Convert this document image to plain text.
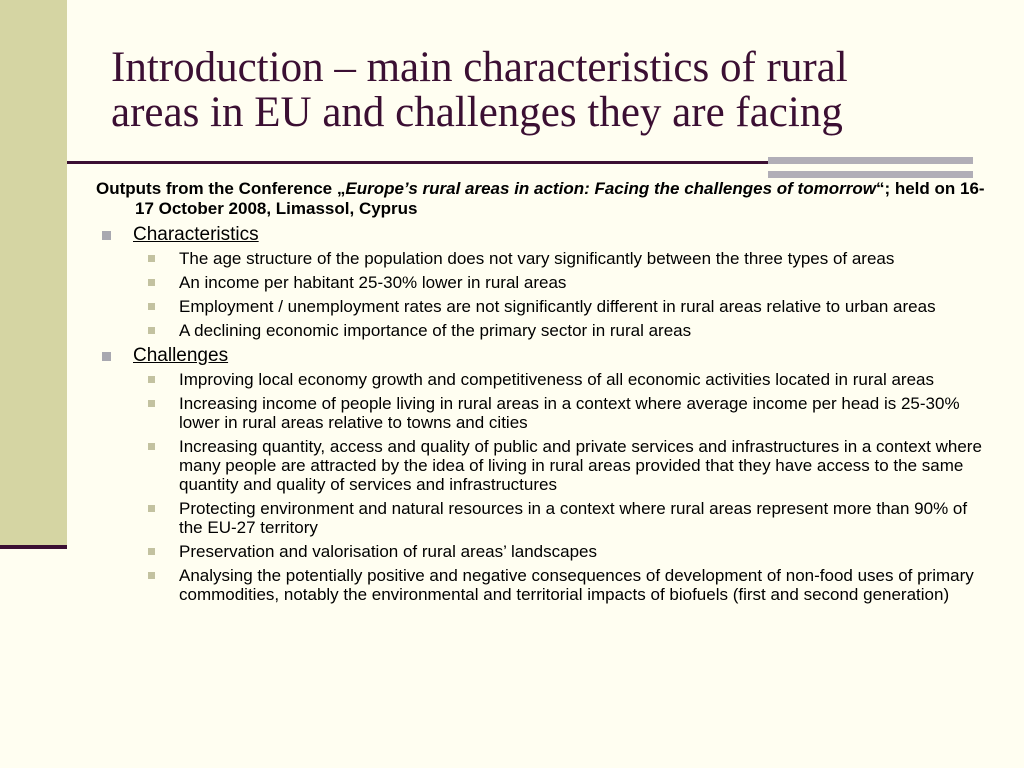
Introduction – main characteristics of rural
areas in EU and challenges they are facing

Outputs from the Conference „Europe’s rural areas in action: Facing the challenges of tomorrow“; held on 16-17 October 2008, Limassol, Cyprus

Characteristics
The age structure of the population does not vary significantly between the three types of areas
An income per habitant 25-30% lower in rural areas
Employment / unemployment rates are not significantly different in rural areas relative to urban areas
A declining economic importance of the primary sector in rural areas
Challenges
Improving local economy growth and competitiveness of all economic activities located in rural areas
Increasing income of people living in rural areas in a context where average income per head is 25-30% lower in rural areas relative to towns and cities
Increasing quantity, access and quality of public and private services and infrastructures in a context where many people are attracted by the idea of living in rural areas provided that they have access to the same quantity and quality of services and infrastructures
Protecting environment and natural resources in a context where rural areas represent more than 90% of the EU-27 territory
Preservation and valorisation of rural areas’ landscapes
Analysing the potentially positive and negative consequences of development of non-food uses of primary commodities, notably the environmental and territorial impacts of biofuels (first and second generation)
